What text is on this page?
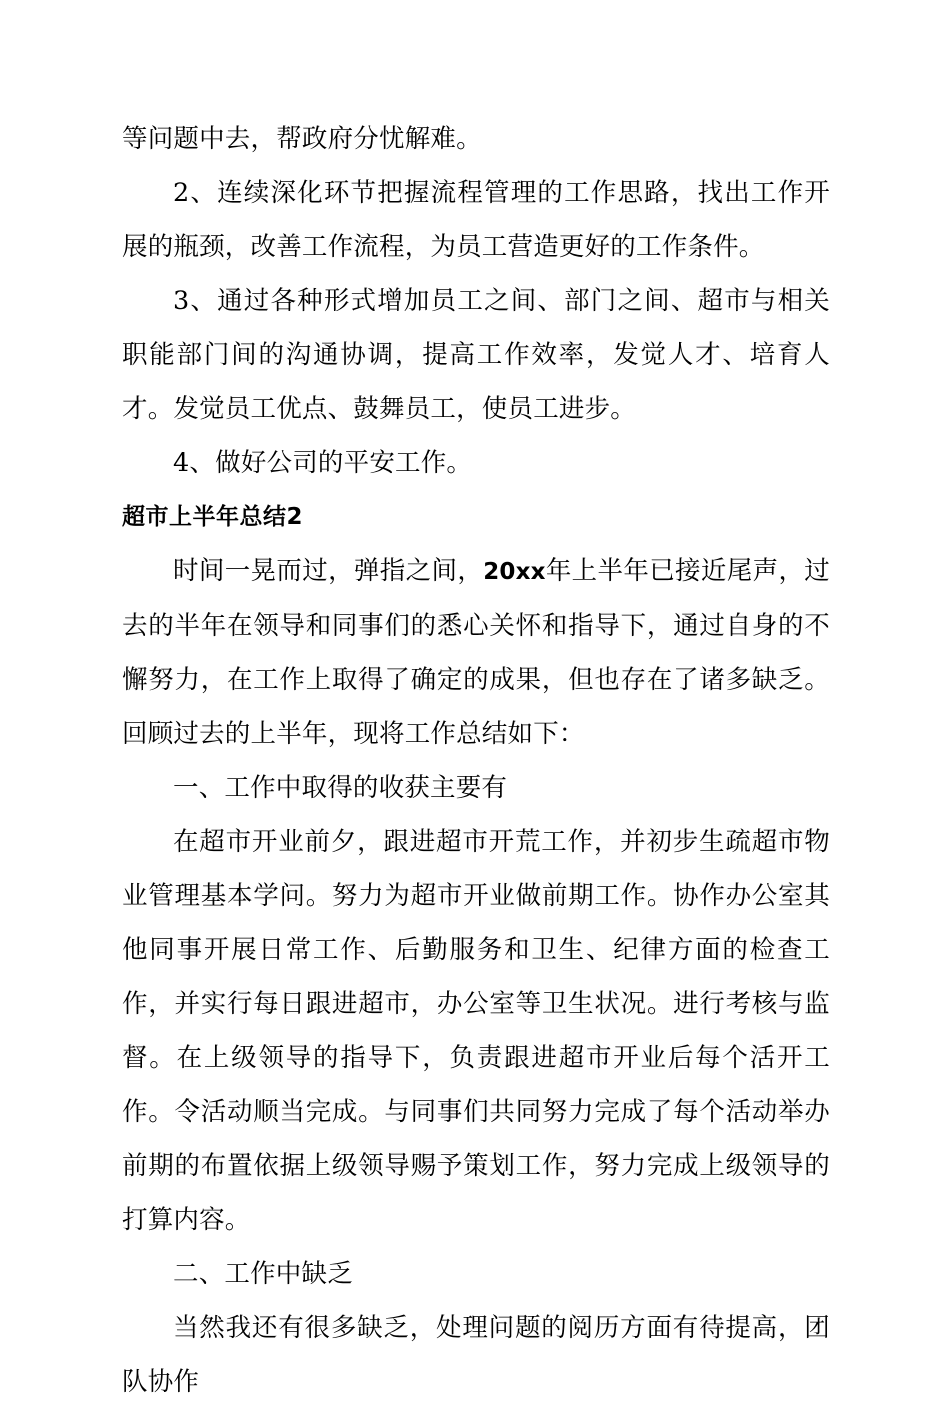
等问题中去，帮政府分忧解难。

2、连续深化环节把握流程管理的工作思路，找出工作开展的瓶颈，改善工作流程，为员工营造更好的工作条件。

3、通过各种形式增加员工之间、部门之间、超市与相关职能部门间的沟通协调，提高工作效率，发觉人才、培育人才。发觉员工优点、鼓舞员工，使员工进步。

4、做好公司的平安工作。

超市上半年总结2

时间一晃而过，弹指之间，20xx年上半年已接近尾声，过去的半年在领导和同事们的悉心关怀和指导下，通过自身的不懈努力，在工作上取得了确定的成果，但也存在了诸多缺乏。回顾过去的上半年，现将工作总结如下：

一、工作中取得的收获主要有

在超市开业前夕，跟进超市开荒工作，并初步生疏超市物业管理基本学问。努力为超市开业做前期工作。协作办公室其他同事开展日常工作、后勤服务和卫生、纪律方面的检查工作，并实行每日跟进超市，办公室等卫生状况。进行考核与监督。在上级领导的指导下，负责跟进超市开业后每个活开工作。令活动顺当完成。与同事们共同努力完成了每个活动举办前期的布置依据上级领导赐予策划工作，努力完成上级领导的打算内容。

二、工作中缺乏

当然我还有很多缺乏，处理问题的阅历方面有待提高，团队协作
